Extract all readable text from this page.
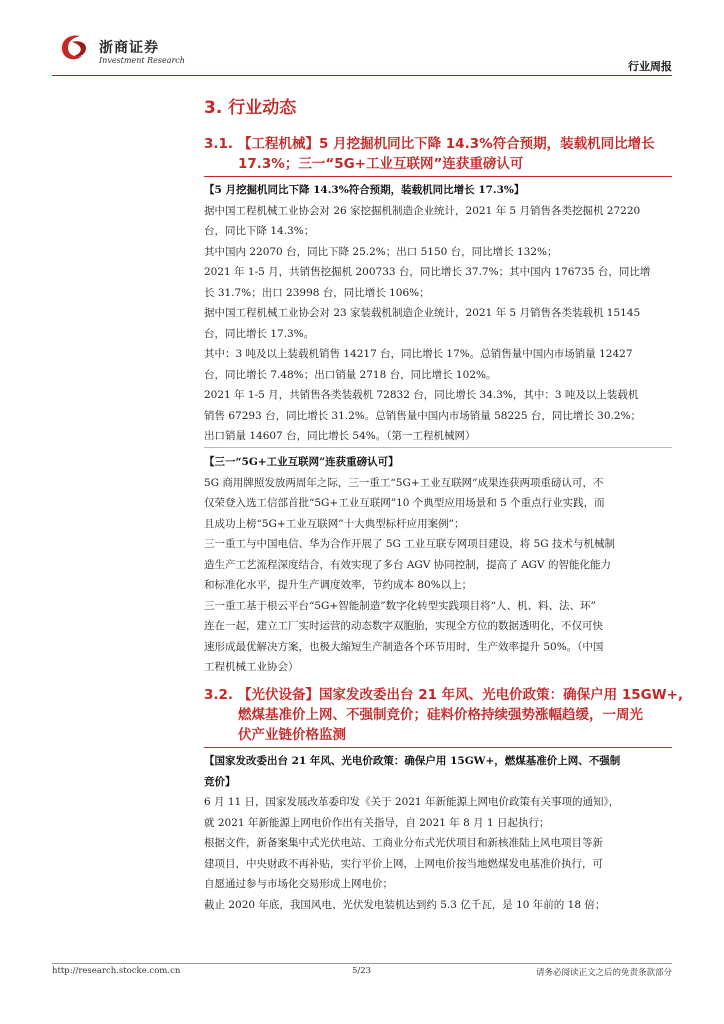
浙商证券
Investment Research	行业周报
3. 行业动态
3.1. 【工程机械】5 月挖掘机同比下降 14.3%符合预期，装载机同比增长
17.3%；三一“5G+工业互联网”连获重磅认可

【5 月挖掘机同比下降 14.3%符合预期，装载机同比增长 17.3%】

据中国工程机械工业协会对 26 家挖掘机制造企业统计，2021 年 5 月销售各类挖掘机 27220

台，同比下降 14.3%；

其中国内 22070 台，同比下降 25.2%；出口 5150 台，同比增长 132%；

2021 年 1-5 月，共销售挖掘机 200733 台，同比增长 37.7%；其中国内 176735 台，同比增

长 31.7%；出口 23998 台，同比增长 106%；

据中国工程机械工业协会对 23 家装载机制造企业统计，2021 年 5 月销售各类装载机 15145

台，同比增长 17.3%。

其中：3 吨及以上装载机销售 14217 台，同比增长 17%。总销售量中国内市场销量 12427

台，同比增长 7.48%；出口销量 2718 台，同比增长 102%。

2021 年 1-5 月，共销售各类装载机 72832 台，同比增长 34.3%，其中：3 吨及以上装载机

销售 67293 台，同比增长 31.2%。总销售量中国内市场销量 58225 台，同比增长 30.2%；

出口销量 14607 台，同比增长 54%。（第一工程机械网）

【三一“5G+工业互联网”连获重磅认可】

5G 商用牌照发放两周年之际，三一重工“5G+工业互联网”成果连获两项重磅认可，不

仅荣登入选工信部首批“5G+工业互联网”10 个典型应用场景和 5 个重点行业实践，而

且成功上榜“5G+工业互联网”十大典型标杆应用案例”；

三一重工与中国电信、华为合作开展了 5G 工业互联专网项目建设，将 5G 技术与机械制

造生产工艺流程深度结合，有效实现了多台 AGV 协同控制，提高了 AGV 的智能化能力

和标准化水平，提升生产调度效率，节约成本 80%以上；

三一重工基于根云平台“5G+智能制造”数字化转型实践项目将“人、机、料、法、环”

连在一起，建立工厂实时运营的动态数字双胞胎，实现全方位的数据透明化，不仅可快

速形成最优解决方案，也极大缩短生产制造各个环节用时，生产效率提升 50%。（中国

工程机械工业协会）

3.2. 【光伏设备】国家发改委出台 21 年风、光电价政策：确保户用 15GW+,
燃煤基准价上网、不强制竞价；硅料价格持续强势涨幅趋缓，一周光
伏产业链价格监测

【国家发改委出台 21 年风、光电价政策：确保户用 15GW+，燃煤基准价上网、不强制

竞价】

6 月 11 日，国家发展改革委印发《关于 2021 年新能源上网电价政策有关事项的通知》，

就 2021 年新能源上网电价作出有关指导，自 2021 年 8 月 1 日起执行；

根据文件，新备案集中式光伏电站、工商业分布式光伏项目和新核准陆上风电项目等新

建项目，中央财政不再补贴，实行平价上网，上网电价按当地燃煤发电基准价执行，可

自愿通过参与市场化交易形成上网电价；

截止 2020 年底，我国风电、光伏发电装机达到约 5.3 亿千瓦，是 10 年前的 18 倍；

http://research.stocke.com.cn	5/23	请务必阅读正文之后的免责条款部分
